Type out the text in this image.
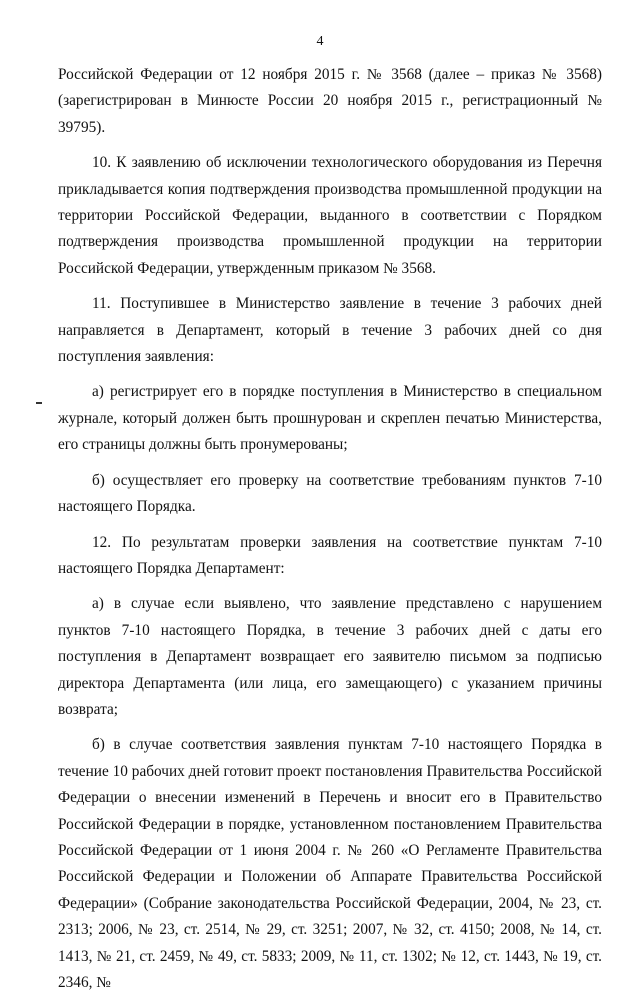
4

Российской Федерации от 12 ноября 2015 г. № 3568 (далее – приказ № 3568) (зарегистрирован в Минюсте России 20 ноября 2015 г., регистрационный № 39795).

10. К заявлению об исключении технологического оборудования из Перечня прикладывается копия подтверждения производства промышленной продукции на территории Российской Федерации, выданного в соответствии с Порядком подтверждения производства промышленной продукции на территории Российской Федерации, утвержденным приказом № 3568.

11. Поступившее в Министерство заявление в течение 3 рабочих дней направляется в Департамент, который в течение 3 рабочих дней со дня поступления заявления:

а) регистрирует его в порядке поступления в Министерство в специальном журнале, который должен быть прошнурован и скреплен печатью Министерства, его страницы должны быть пронумерованы;

б) осуществляет его проверку на соответствие требованиям пунктов 7-10 настоящего Порядка.

12. По результатам проверки заявления на соответствие пунктам 7-10 настоящего Порядка Департамент:

а) в случае если выявлено, что заявление представлено с нарушением пунктов 7-10 настоящего Порядка, в течение 3 рабочих дней с даты его поступления в Департамент возвращает его заявителю письмом за подписью директора Департамента (или лица, его замещающего) с указанием причины возврата;

б) в случае соответствия заявления пунктам 7-10 настоящего Порядка в течение 10 рабочих дней готовит проект постановления Правительства Российской Федерации о внесении изменений в Перечень и вносит его в Правительство Российской Федерации в порядке, установленном постановлением Правительства Российской Федерации от 1 июня 2004 г. № 260 «О Регламенте Правительства Российской Федерации и Положении об Аппарате Правительства Российской Федерации» (Собрание законодательства Российской Федерации, 2004, № 23, ст. 2313; 2006, № 23, ст. 2514, № 29, ст. 3251; 2007, № 32, ст. 4150; 2008, № 14, ст. 1413, № 21, ст. 2459, № 49, ст. 5833; 2009, № 11, ст. 1302; № 12, ст. 1443, № 19, ст. 2346, №
